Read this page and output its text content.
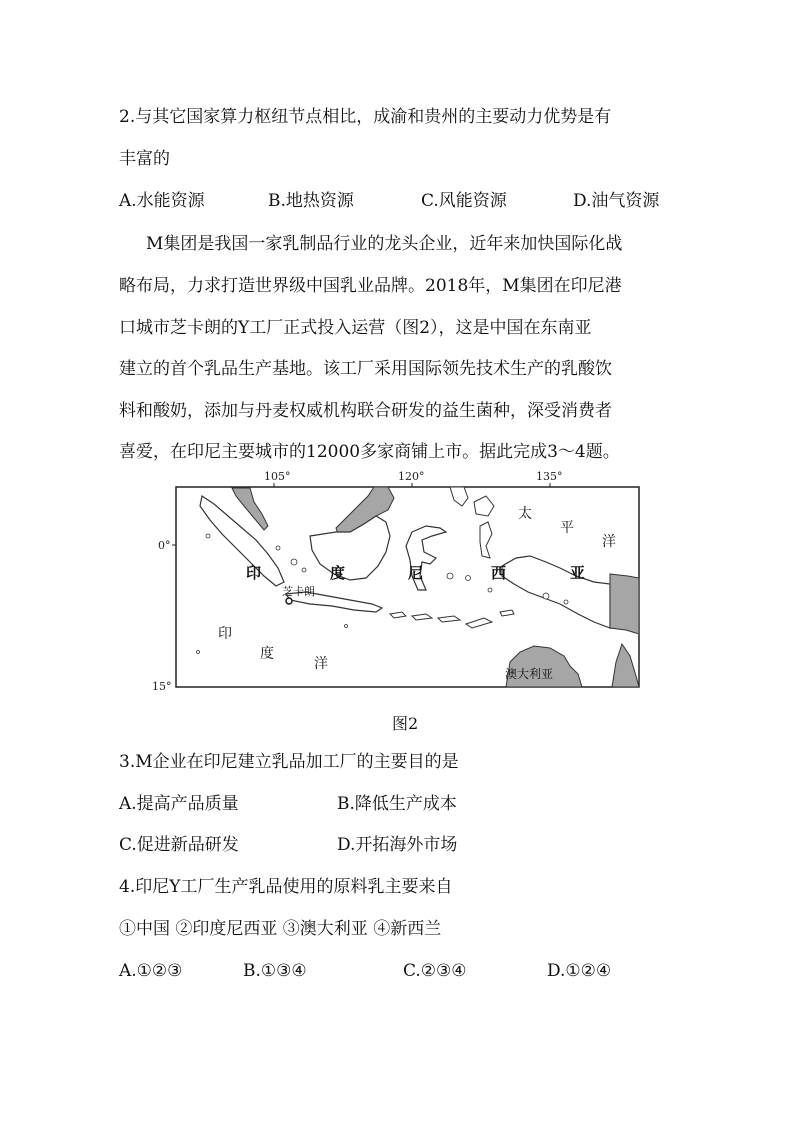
2.与其它国家算力枢纽节点相比，成渝和贵州的主要动力优势是有
丰富的
A.水能资源	B.地热资源	C.风能资源	D.油气资源
M集团是我国一家乳制品行业的龙头企业，近年来加快国际化战
略布局，力求打造世界级中国乳业品牌。2018年，M集团在印尼港
口城市芝卡朗的Y工厂正式投入运营（图2），这是中国在东南亚
建立的首个乳品生产基地。该工厂采用国际领先技术生产的乳酸饮
料和酸奶，添加与丹麦权威机构联合研发的益生菌种，深受消费者
喜爱，在印尼主要城市的12000多家商铺上市。据此完成3～4题。
105°	120°	135°
0°
15°
印	度	尼	西	亚
太
平
洋
印
度
洋
芝卡朗
澳大利亚
图2
3.M企业在印尼建立乳品加工厂的主要目的是
A.提高产品质量	B.降低生产成本
C.促进新品研发	D.开拓海外市场
4.印尼Y工厂生产乳品使用的原料乳主要来自
①中国 ②印度尼西亚 ③澳大利亚 ④新西兰
A.①②③	B.①③④	C.②③④	D.①②④
